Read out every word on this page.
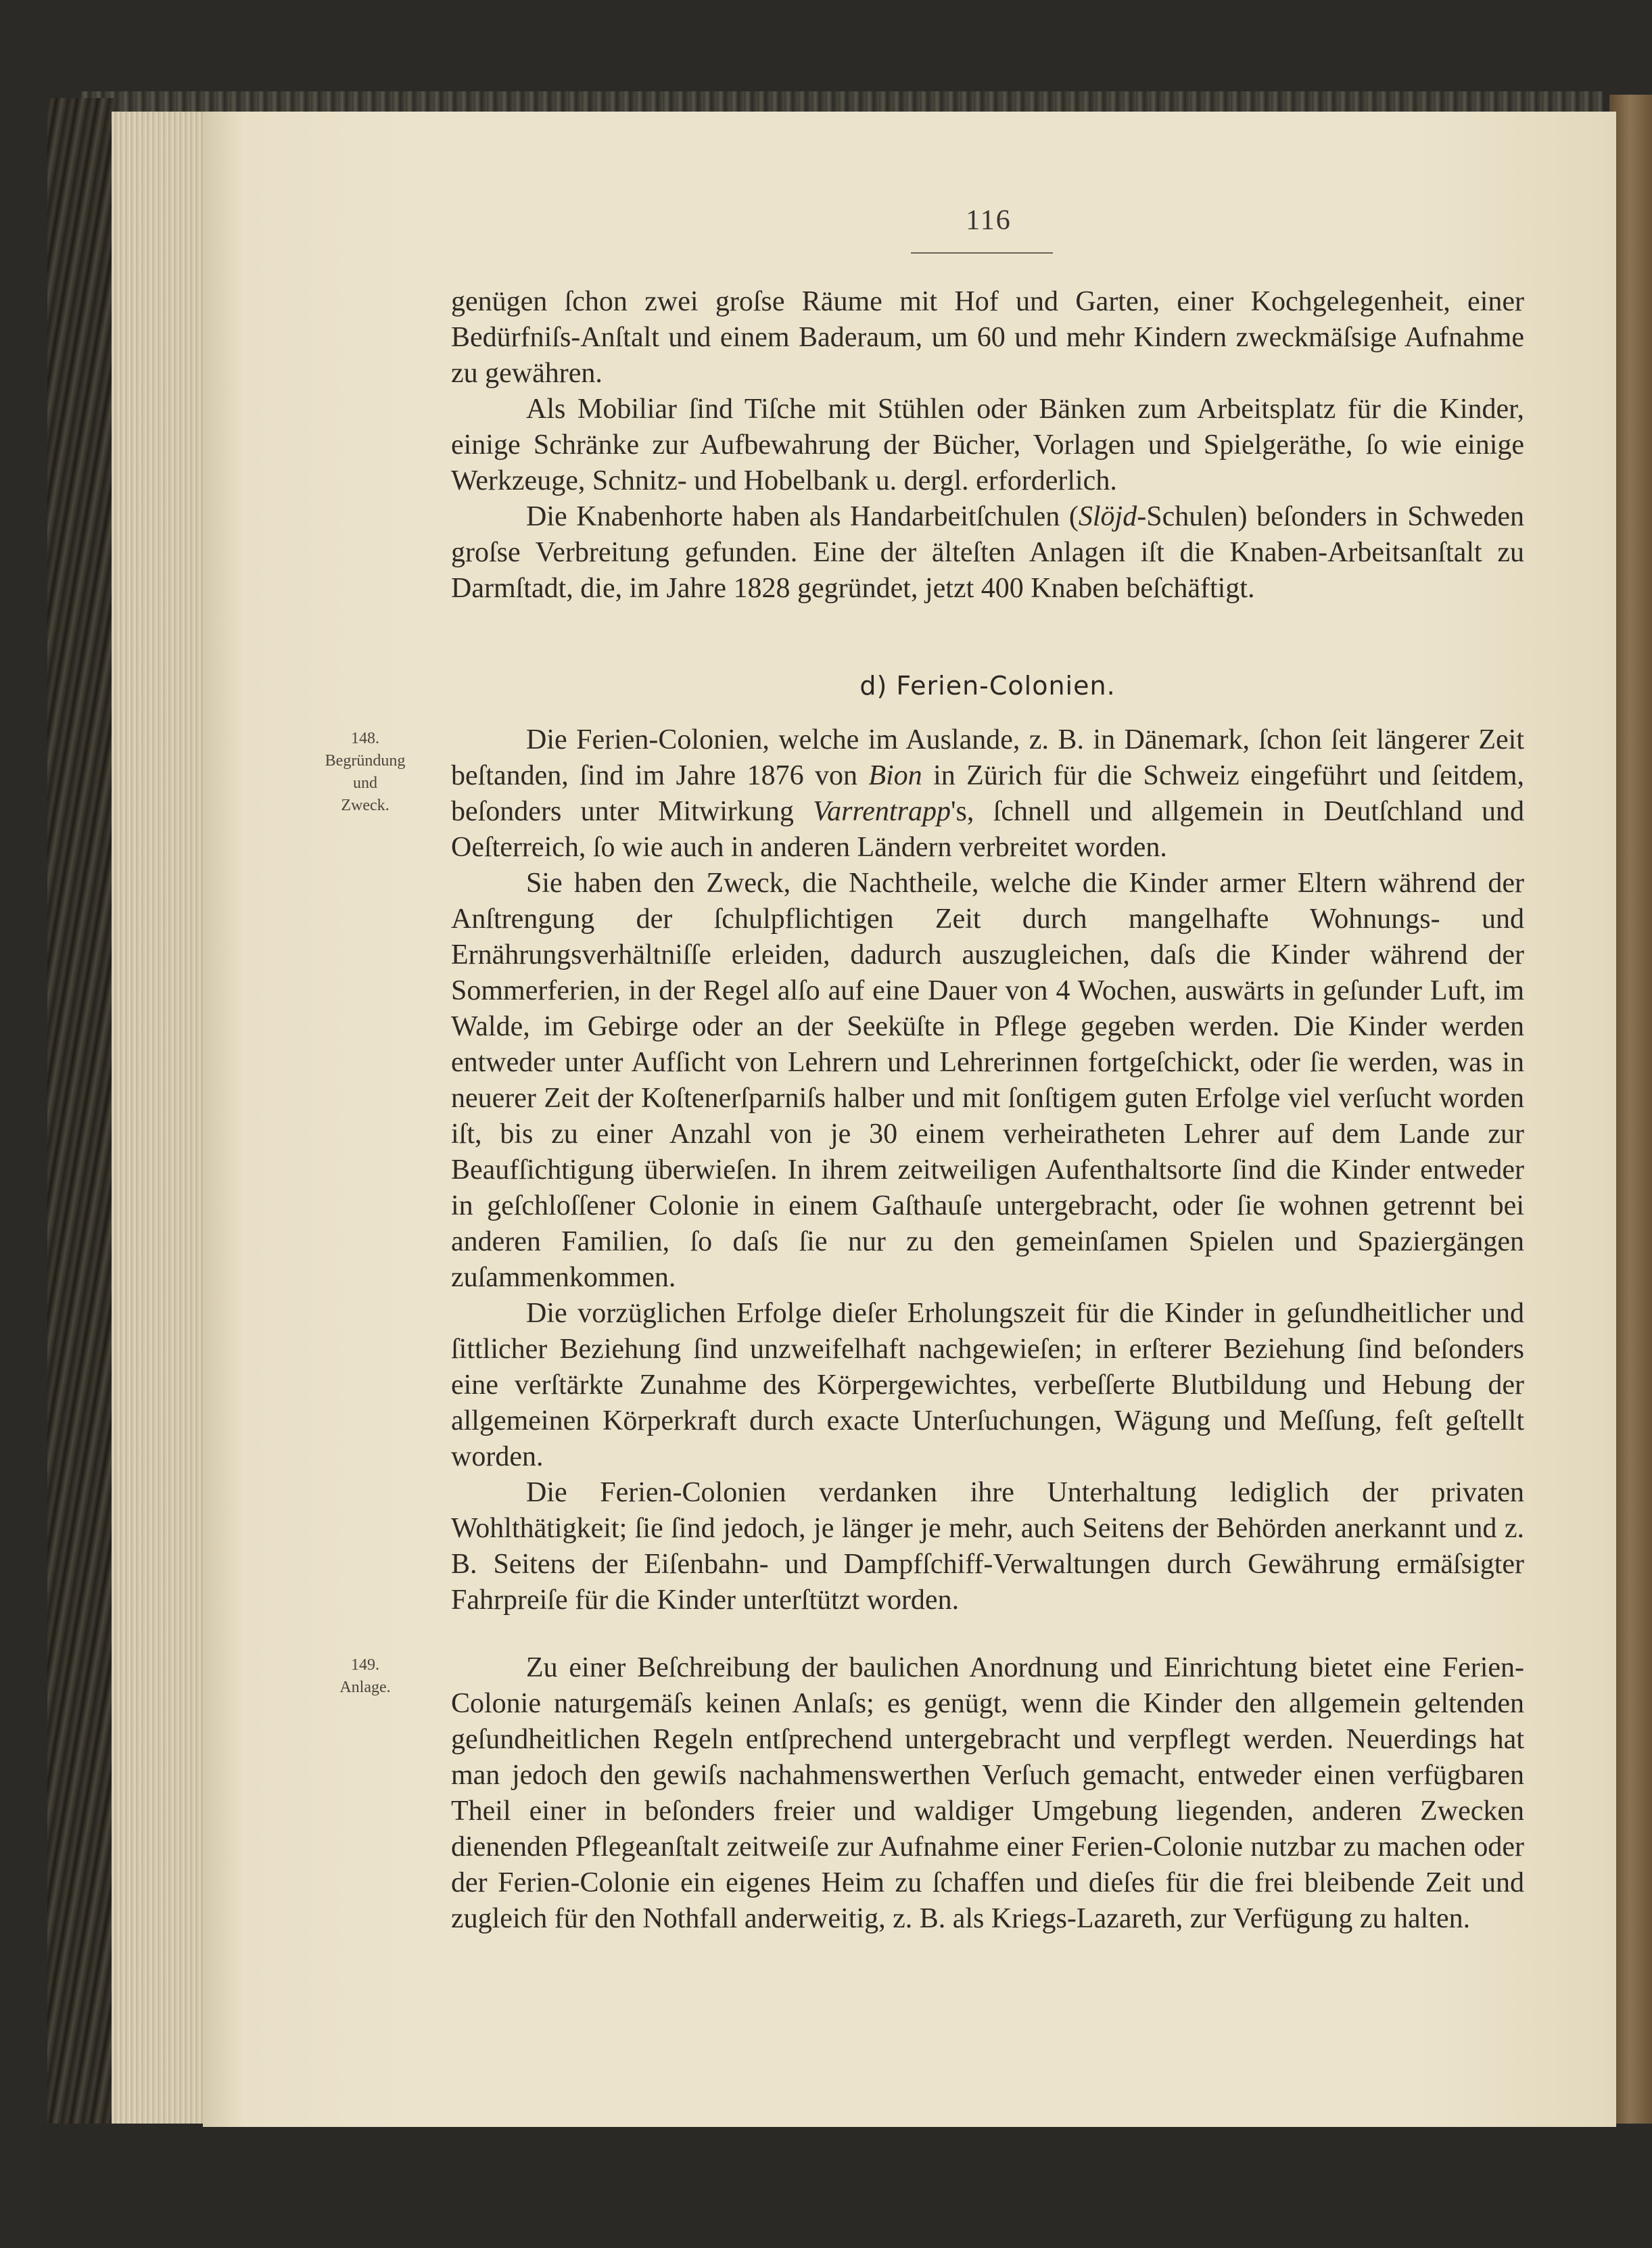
116

genügen ſchon zwei groſse Räume mit Hof und Garten, einer Kochgelegenheit, einer Bedürfniſs-Anſtalt und einem Baderaum, um 60 und mehr Kindern zweckmäſsige Aufnahme zu gewähren.

Als Mobiliar ſind Tiſche mit Stühlen oder Bänken zum Arbeitsplatz für die Kinder, einige Schränke zur Aufbewahrung der Bücher, Vorlagen und Spielgeräthe, ſo wie einige Werkzeuge, Schnitz- und Hobelbank u. dergl. erforderlich.

Die Knabenhorte haben als Handarbeitſchulen (Slöjd-Schulen) beſonders in Schweden groſse Verbreitung gefunden. Eine der älteſten Anlagen iſt die Knaben-Arbeitsanſtalt zu Darmſtadt, die, im Jahre 1828 gegründet, jetzt 400 Knaben beſchäftigt.

d) Ferien-Colonien.
148.
Begründung
und
Zweck.

Die Ferien-Colonien, welche im Auslande, z. B. in Dänemark, ſchon ſeit längerer Zeit beſtanden, ſind im Jahre 1876 von Bion in Zürich für die Schweiz eingeführt und ſeitdem, beſonders unter Mitwirkung Varrentrapp's, ſchnell und allgemein in Deutſchland und Oeſterreich, ſo wie auch in anderen Ländern verbreitet worden.

Sie haben den Zweck, die Nachtheile, welche die Kinder armer Eltern während der Anſtrengung der ſchulpflichtigen Zeit durch mangelhafte Wohnungs- und Ernährungsverhältniſſe erleiden, dadurch auszugleichen, daſs die Kinder während der Sommerferien, in der Regel alſo auf eine Dauer von 4 Wochen, auswärts in geſunder Luft, im Walde, im Gebirge oder an der Seeküſte in Pflege gegeben werden. Die Kinder werden entweder unter Aufſicht von Lehrern und Lehrerinnen fortgeſchickt, oder ſie werden, was in neuerer Zeit der Koſtenerſparniſs halber und mit ſonſtigem guten Erfolge viel verſucht worden iſt, bis zu einer Anzahl von je 30 einem verheiratheten Lehrer auf dem Lande zur Beaufſichtigung überwieſen. In ihrem zeitweiligen Aufenthaltsorte ſind die Kinder entweder in geſchloſſener Colonie in einem Gaſthauſe untergebracht, oder ſie wohnen getrennt bei anderen Familien, ſo daſs ſie nur zu den gemeinſamen Spielen und Spaziergängen zuſammenkommen.

Die vorzüglichen Erfolge dieſer Erholungszeit für die Kinder in geſundheitlicher und ſittlicher Beziehung ſind unzweifelhaft nachgewieſen; in erſterer Beziehung ſind beſonders eine verſtärkte Zunahme des Körpergewichtes, verbeſſerte Blutbildung und Hebung der allgemeinen Körperkraft durch exacte Unterſuchungen, Wägung und Meſſung, feſt geſtellt worden.

Die Ferien-Colonien verdanken ihre Unterhaltung lediglich der privaten Wohlthätigkeit; ſie ſind jedoch, je länger je mehr, auch Seitens der Behörden anerkannt und z. B. Seitens der Eiſenbahn- und Dampfſchiff-Verwaltungen durch Gewährung ermäſsigter Fahrpreiſe für die Kinder unterſtützt worden.

149.
Anlage.

Zu einer Beſchreibung der baulichen Anordnung und Einrichtung bietet eine Ferien-Colonie naturgemäſs keinen Anlaſs; es genügt, wenn die Kinder den allgemein geltenden geſundheitlichen Regeln entſprechend untergebracht und verpflegt werden. Neuerdings hat man jedoch den gewiſs nachahmenswerthen Verſuch gemacht, entweder einen verfügbaren Theil einer in beſonders freier und waldiger Umgebung liegenden, anderen Zwecken dienenden Pflegeanſtalt zeitweiſe zur Aufnahme einer Ferien-Colonie nutzbar zu machen oder der Ferien-Colonie ein eigenes Heim zu ſchaffen und dieſes für die frei bleibende Zeit und zugleich für den Nothfall anderweitig, z. B. als Kriegs-Lazareth, zur Verfügung zu halten.
